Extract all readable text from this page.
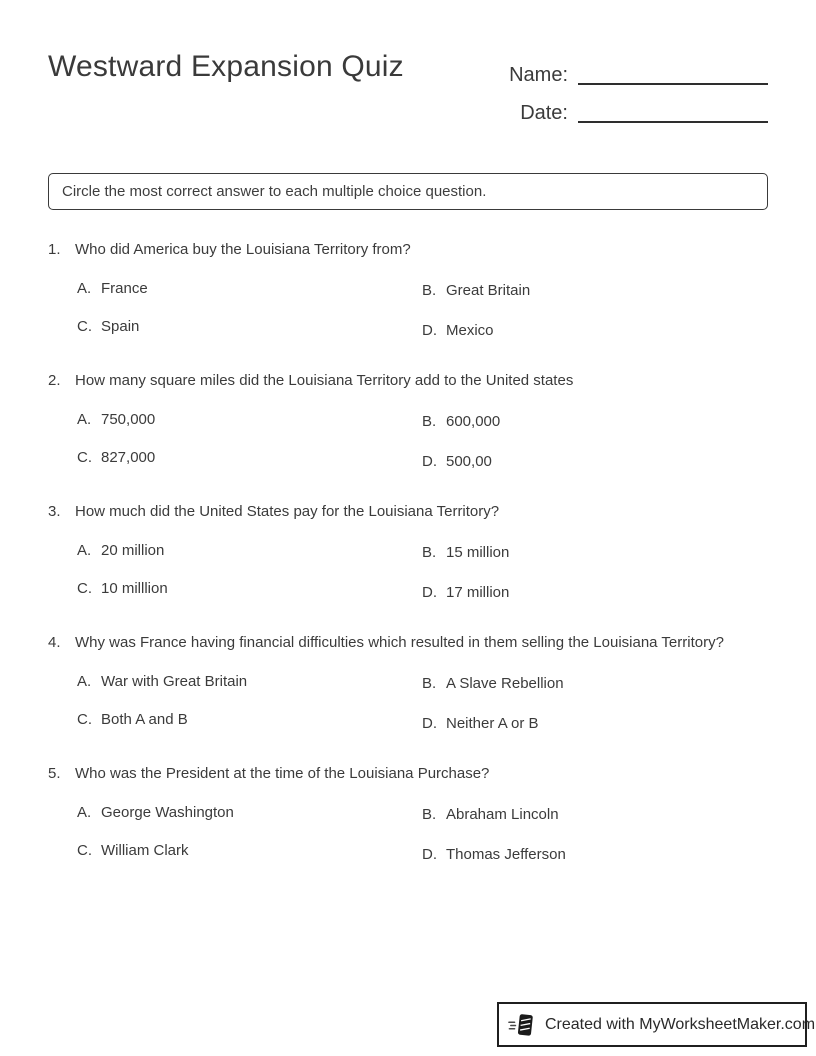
Westward Expansion Quiz	Name:
Date:
Circle the most correct answer to each multiple choice question.
1. Who did America buy the Louisiana Territory from?
A. France	B. Great Britain
C. Spain	D. Mexico
2. How many square miles did the Louisiana Territory add to the United states
A. 750,000	B. 600,000
C. 827,000	D. 500,00
3. How much did the United States pay for the Louisiana Territory?
A. 20 million	B. 15 million
C. 10 milllion	D. 17 million
4. Why was France having financial difficulties which resulted in them selling the Louisiana Territory?
A. War with Great Britain	B. A Slave Rebellion
C. Both A and B	D. Neither A or B
5. Who was the President at the time of the Louisiana Purchase?
A. George Washington	B. Abraham Lincoln
C. William Clark	D. Thomas Jefferson
Created with MyWorksheetMaker.com
